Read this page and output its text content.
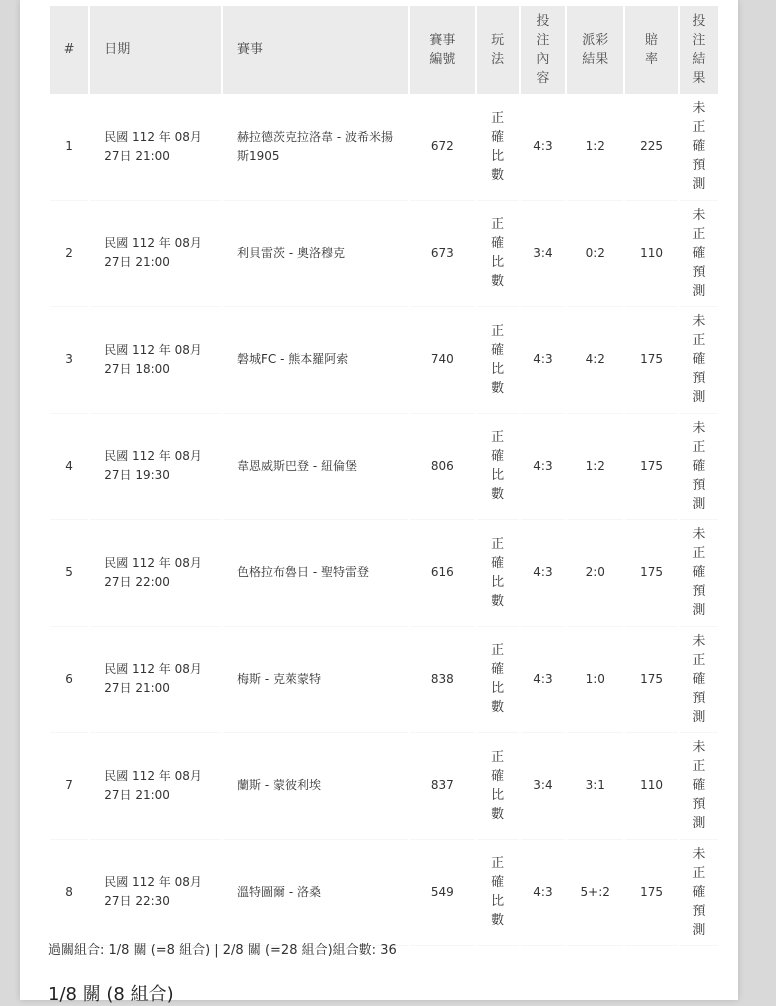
#	日期	賽事	賽事編號	玩法	投注內容	派彩結果	賠率	投注結果
1	民國 112 年 08月27日 21:00	赫拉德茨克拉洛韋 - 波希米揚斯1905	672	正確比數	4:3	1:2	225	未正確預測
2	民國 112 年 08月27日 21:00	利貝雷茨 - 奧洛穆克	673	正確比數	3:4	0:2	110	未正確預測
3	民國 112 年 08月27日 18:00	磐城FC - 熊本羅阿索	740	正確比數	4:3	4:2	175	未正確預測
4	民國 112 年 08月27日 19:30	韋恩威斯巴登 - 紐倫堡	806	正確比數	4:3	1:2	175	未正確預測
5	民國 112 年 08月27日 22:00	色格拉布魯日 - 聖特雷登	616	正確比數	4:3	2:0	175	未正確預測
6	民國 112 年 08月27日 21:00	梅斯 - 克萊蒙特	838	正確比數	4:3	1:0	175	未正確預測
7	民國 112 年 08月27日 21:00	蘭斯 - 蒙彼利埃	837	正確比數	3:4	3:1	110	未正確預測
8	民國 112 年 08月27日 22:30	溫特圖爾 - 洛桑	549	正確比數	4:3	5+:2	175	未正確預測
過關組合: 1/8 關 (=8 組合) | 2/8 關 (=28 組合)組合數: 36
1/8 關 (8 組合)
